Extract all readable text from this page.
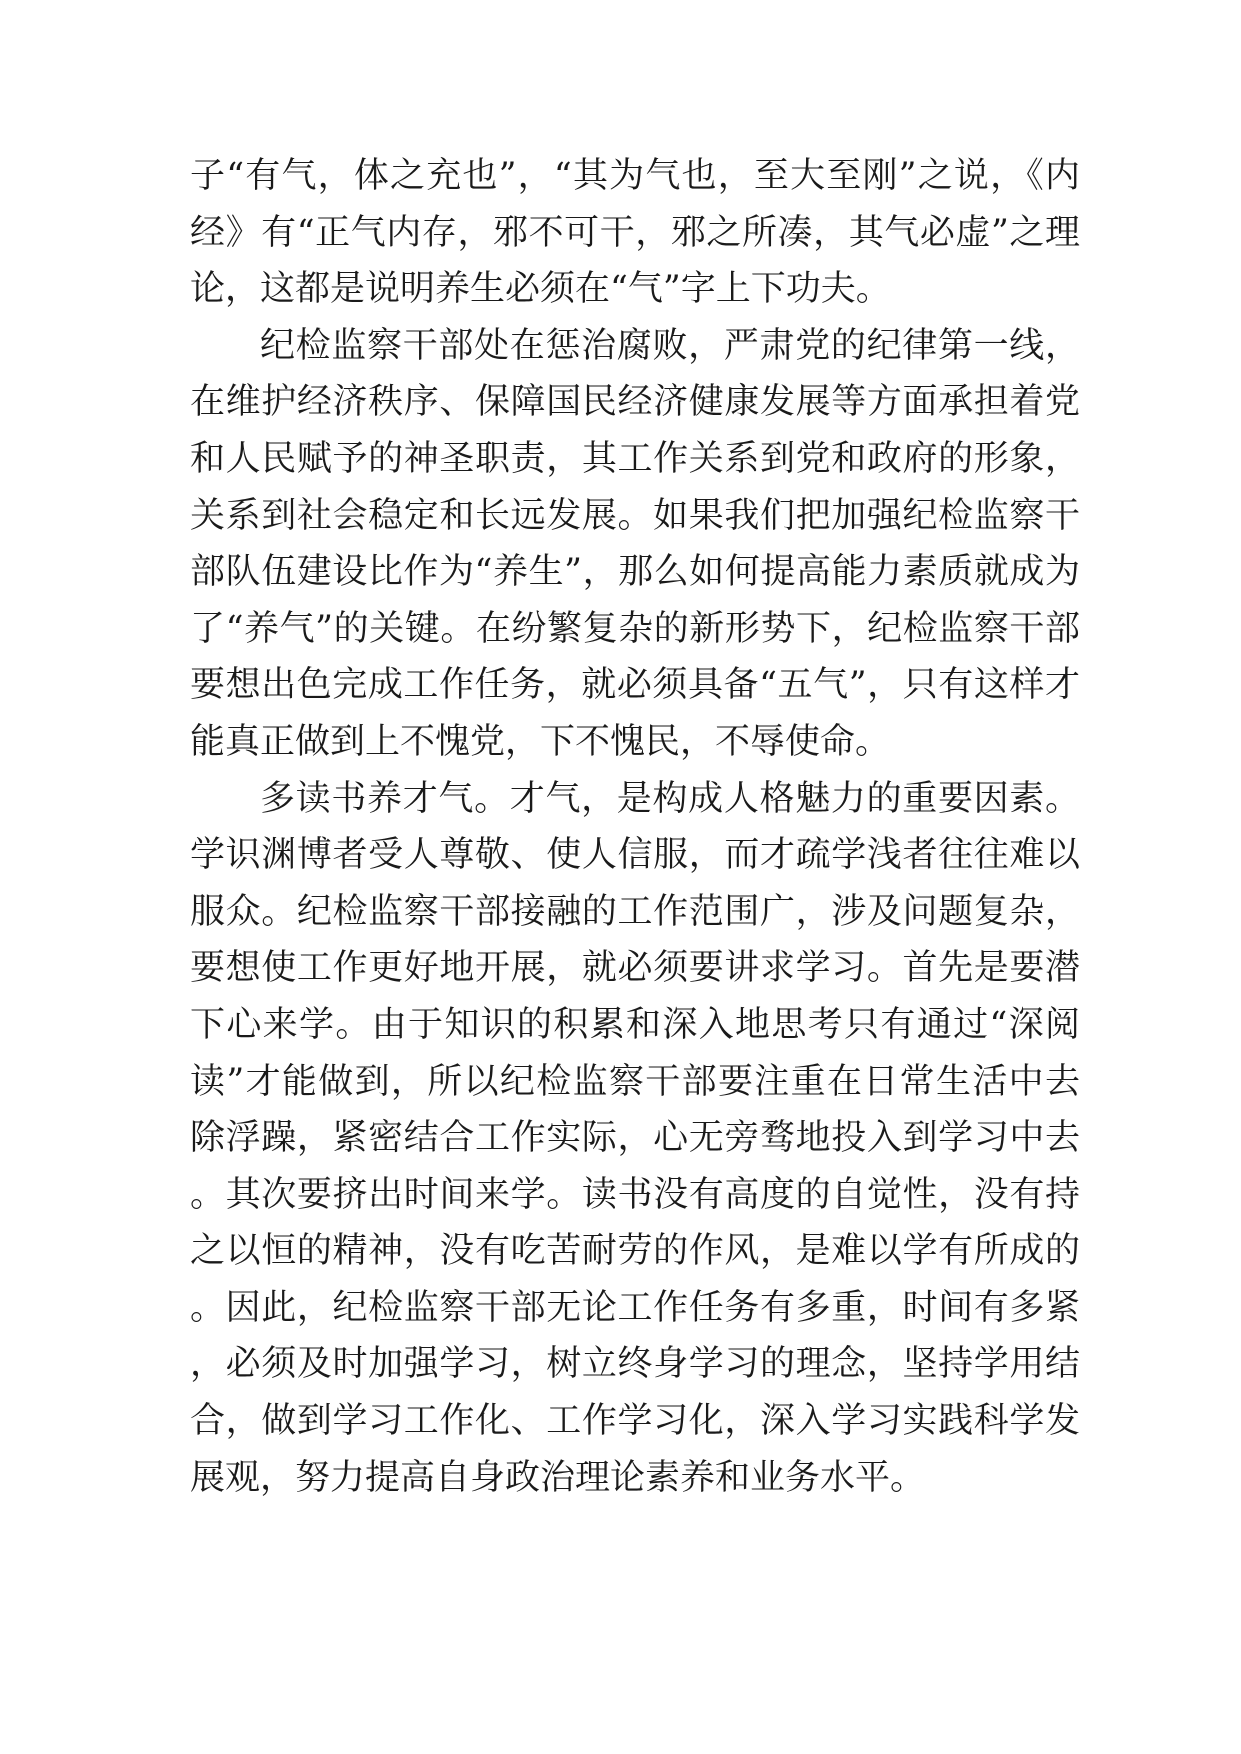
子“有气，体之充也”，“其为气也，至大至刚”之说，《内经》有“正气内存，邪不可干，邪之所凑，其气必虚”之理论，这都是说明养生必须在“气”字上下功夫。

纪检监察干部处在惩治腐败，严肃党的纪律第一线，在维护经济秩序、保障国民经济健康发展等方面承担着党和人民赋予的神圣职责，其工作关系到党和政府的形象，关系到社会稳定和长远发展。如果我们把加强纪检监察干部队伍建设比作为“养生”，那么如何提高能力素质就成为了“养气”的关键。在纷繁复杂的新形势下，纪检监察干部要想出色完成工作任务，就必须具备“五气”，只有这样才能真正做到上不愧党，下不愧民，不辱使命。

多读书养才气。才气，是构成人格魅力的重要因素。学识渊博者受人尊敬、使人信服，而才疏学浅者往往难以服众。纪检监察干部接融的工作范围广，涉及问题复杂，要想使工作更好地开展，就必须要讲求学习。首先是要潜下心来学。由于知识的积累和深入地思考只有通过“深阅读”才能做到，所以纪检监察干部要注重在日常生活中去除浮躁，紧密结合工作实际，心无旁骛地投入到学习中去。其次要挤出时间来学。读书没有高度的自觉性，没有持之以恒的精神，没有吃苦耐劳的作风，是难以学有所成的。因此，纪检监察干部无论工作任务有多重，时间有多紧，必须及时加强学习，树立终身学习的理念，坚持学用结合，做到学习工作化、工作学习化，深入学习实践科学发展观，努力提高自身政治理论素养和业务水平。
